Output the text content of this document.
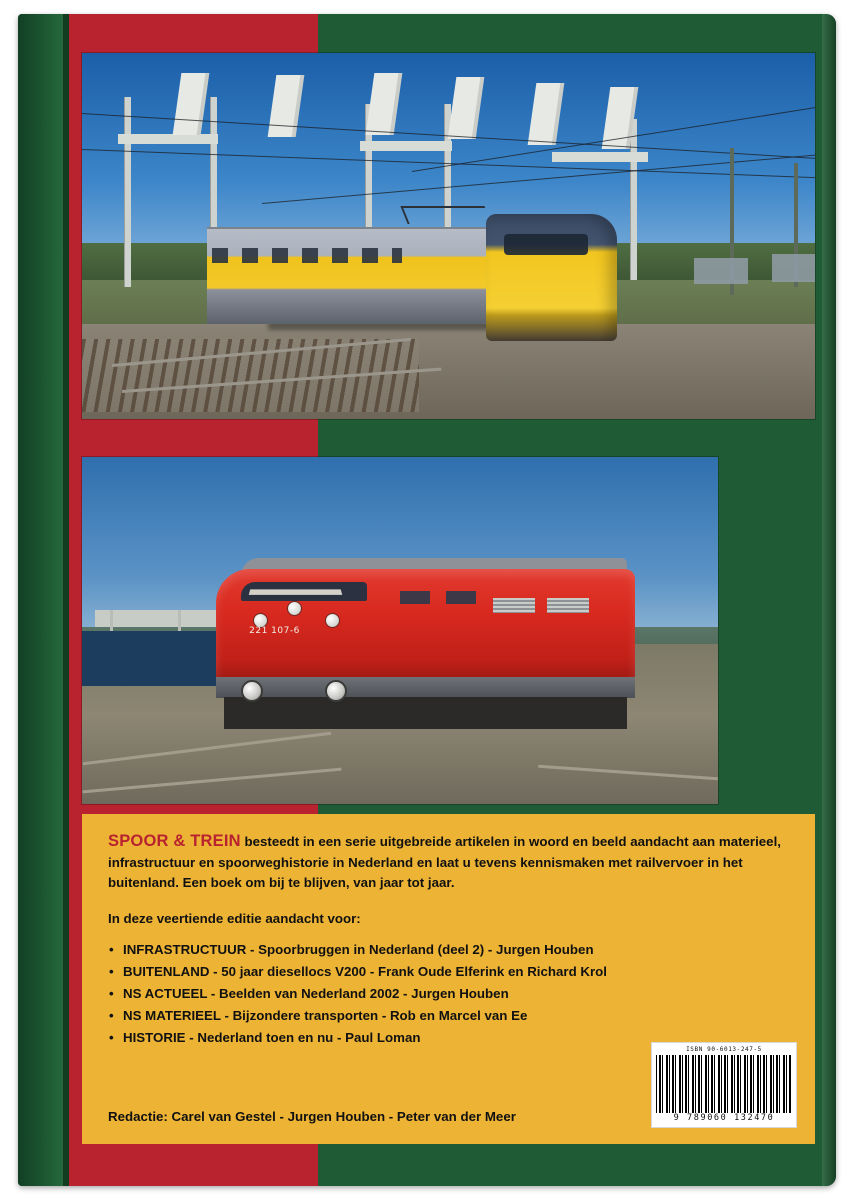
221 107-6
SPOOR & TREIN besteedt in een serie uitgebreide artikelen in woord en beeld aandacht aan materieel, infrastructuur en spoorweghistorie in Nederland en laat u tevens kennismaken met railvervoer in het buitenland. Een boek om bij te blijven, van jaar tot jaar.
In deze veertiende editie aandacht voor:
• INFRASTRUCTUUR - Spoorbruggen in Nederland (deel 2) - Jurgen Houben
• BUITENLAND - 50 jaar diesellocs V200 - Frank Oude Elferink en Richard Krol
• NS ACTUEEL - Beelden van Nederland 2002 - Jurgen Houben
• NS MATERIEEL - Bijzondere transporten - Rob en Marcel van Ee
• HISTORIE - Nederland toen en nu - Paul Loman
Redactie: Carel van Gestel - Jurgen Houben - Peter van der Meer
ISBN 90-6013-247-5
9 789060 132470
